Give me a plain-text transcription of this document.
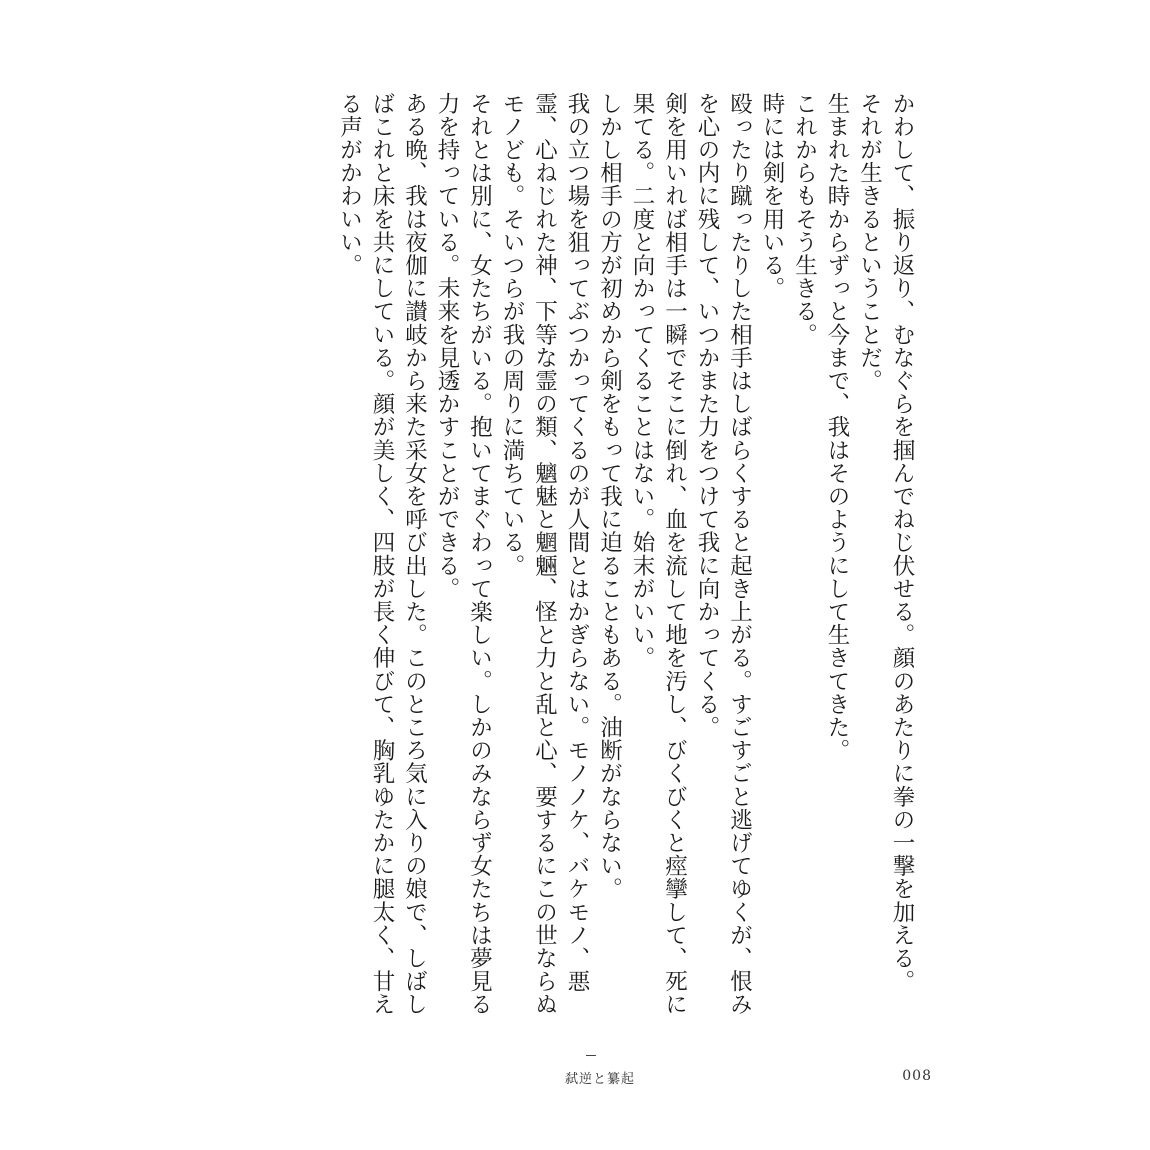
かわして、振り返り、むなぐらを掴んでねじ伏せる。顔のあたりに拳の一撃を加える。

それが生きるということだ。

生まれた時からずっと今まで、我はそのようにして生きてきた。

これからもそう生きる。

時には剣を用いる。

殴ったり蹴ったりした相手はしばらくすると起き上がる。すごすごと逃げてゆくが、恨みを心の内に残して、いつかまた力をつけて我に向かってくる。

剣を用いれば相手は一瞬でそこに倒れ、血を流して地を汚し、びくびくと痙攣して、死に果てる。二度と向かってくることはない。始末がいい。

しかし相手の方が初めから剣をもって我に迫ることもある。油断がならない。

我の立つ場を狙ってぶつかってくるのが人間とはかぎらない。モノノケ、バケモノ、悪霊、心ねじれた神、下等な霊の類、魑魅と魍魎、怪と力と乱と心、要するにこの世ならぬモノども。そいつらが我の周りに満ちている。

それとは別に、女たちがいる。抱いてまぐわって楽しい。しかのみならず女たちは夢見る力を持っている。未来を見透かすことができる。

ある晩、我は夜伽に讃岐から来た采女を呼び出した。このところ気に入りの娘で、しばしばこれと床を共にしている。顔が美しく、四肢が長く伸びて、胸乳ゆたかに腿太く、甘える声がかわいい。

弑逆と纂起	008
